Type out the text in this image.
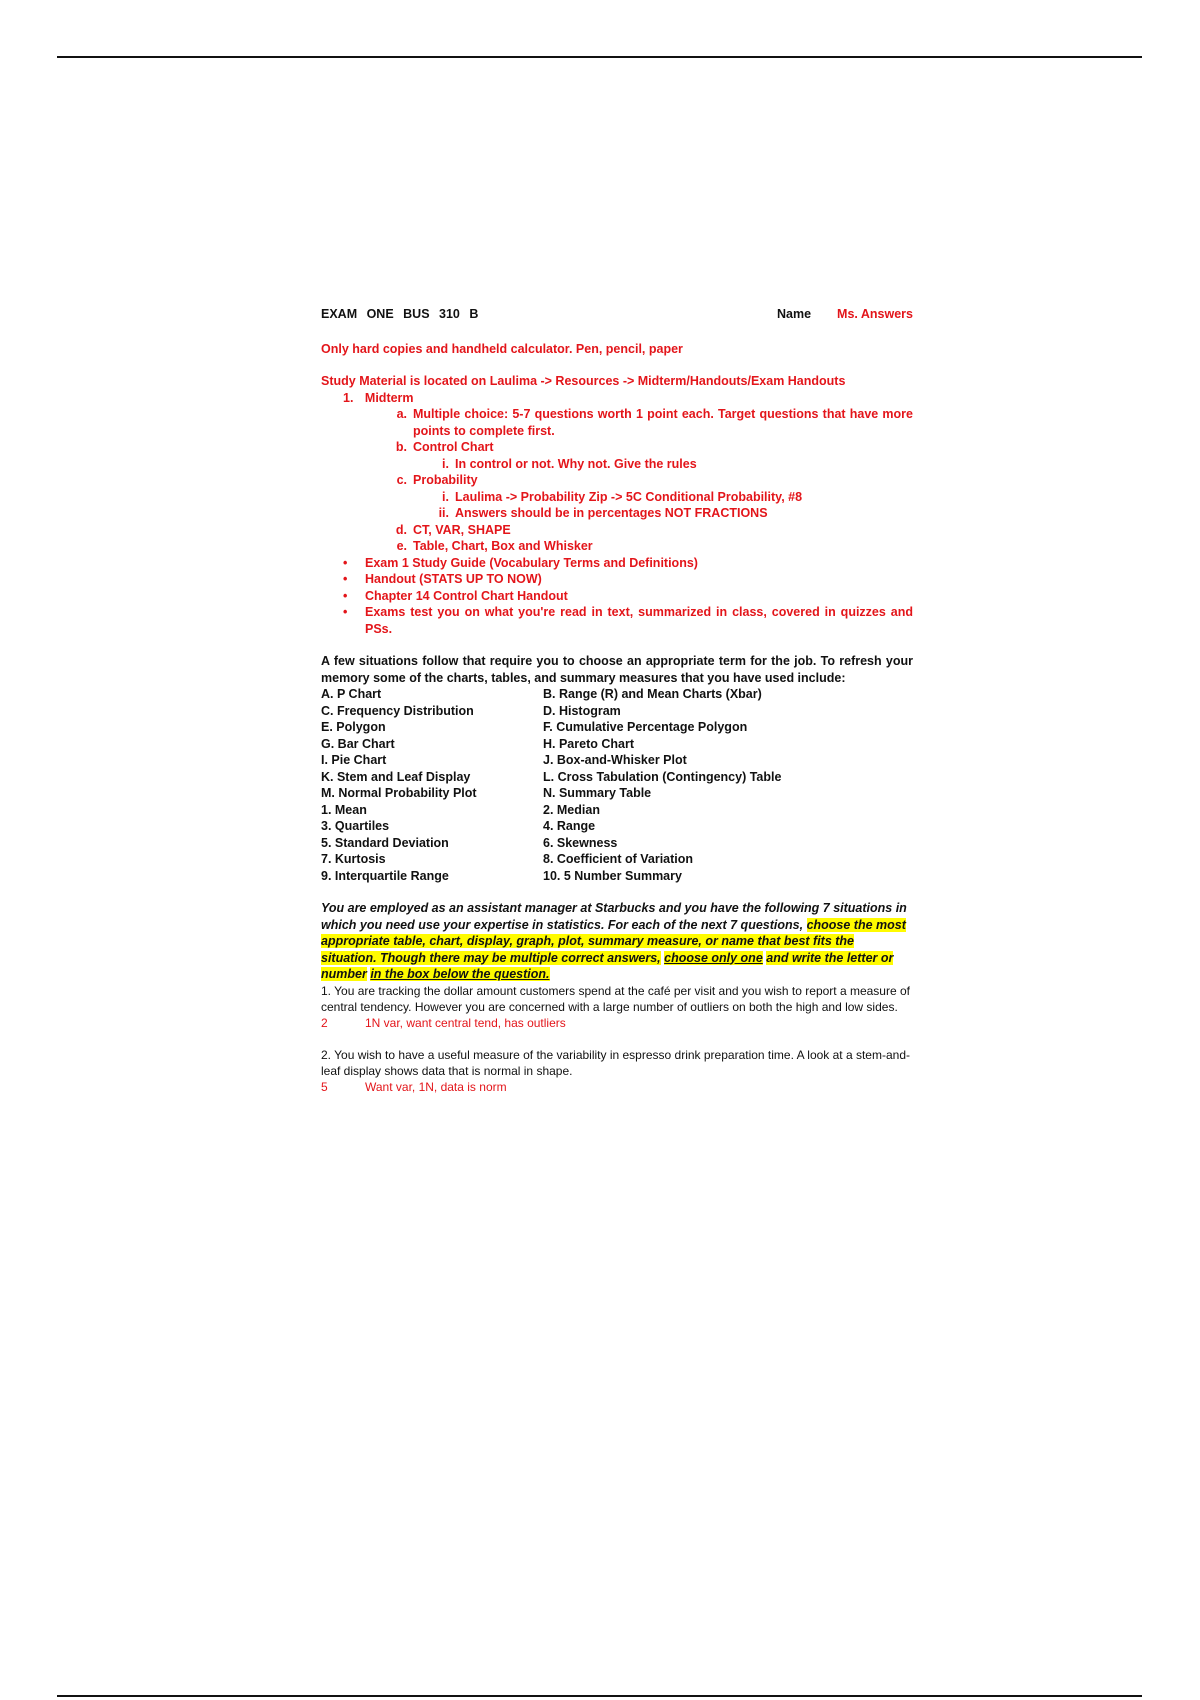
EXAM ONE BUS 310 B	Name Ms. Answers

Only hard copies and handheld calculator. Pen, pencil, paper

Study Material is located on Laulima -> Resources -> Midterm/Handouts/Exam Handouts

1. Midterm
a. Multiple choice: 5-7 questions worth 1 point each. Target questions that have more points to complete first.
b. Control Chart
i. In control or not. Why not. Give the rules
c. Probability
i. Laulima -> Probability Zip -> 5C Conditional Probability, #8
ii. Answers should be in percentages NOT FRACTIONS
d. CT, VAR, SHAPE
e. Table, Chart, Box and Whisker
•	Exam 1 Study Guide (Vocabulary Terms and Definitions)
•	Handout (STATS UP TO NOW)
•	Chapter 14 Control Chart Handout
•	Exams test you on what you're read in text, summarized in class, covered in quizzes and PSs.

A few situations follow that require you to choose an appropriate term for the job. To refresh your memory some of the charts, tables, and summary measures that you have used include:

A. P Chart	B. Range (R) and Mean Charts (Xbar)
C. Frequency Distribution	D. Histogram
E. Polygon	F. Cumulative Percentage Polygon
G. Bar Chart	H. Pareto Chart
I. Pie Chart	J. Box-and-Whisker Plot
K. Stem and Leaf Display	L. Cross Tabulation (Contingency) Table
M. Normal Probability Plot	N. Summary Table
1. Mean	2. Median
3. Quartiles	4. Range
5. Standard Deviation	6. Skewness
7. Kurtosis	8. Coefficient of Variation
9. Interquartile Range	10. 5 Number Summary

You are employed as an assistant manager at Starbucks and you have the following 7 situations in which you need use your expertise in statistics. For each of the next 7 questions, choose the most appropriate table, chart, display, graph, plot, summary measure, or name that best fits the situation. Though there may be multiple correct answers, choose only one and write the letter or number in the box below the question.

1. You are tracking the dollar amount customers spend at the café per visit and you wish to report a measure of central tendency. However you are concerned with a large number of outliers on both the high and low sides.

2	1N var, want central tend, has outliers

2. You wish to have a useful measure of the variability in espresso drink preparation time. A look at a stem-and-leaf display shows data that is normal in shape.

5	Want var, 1N, data is norm
